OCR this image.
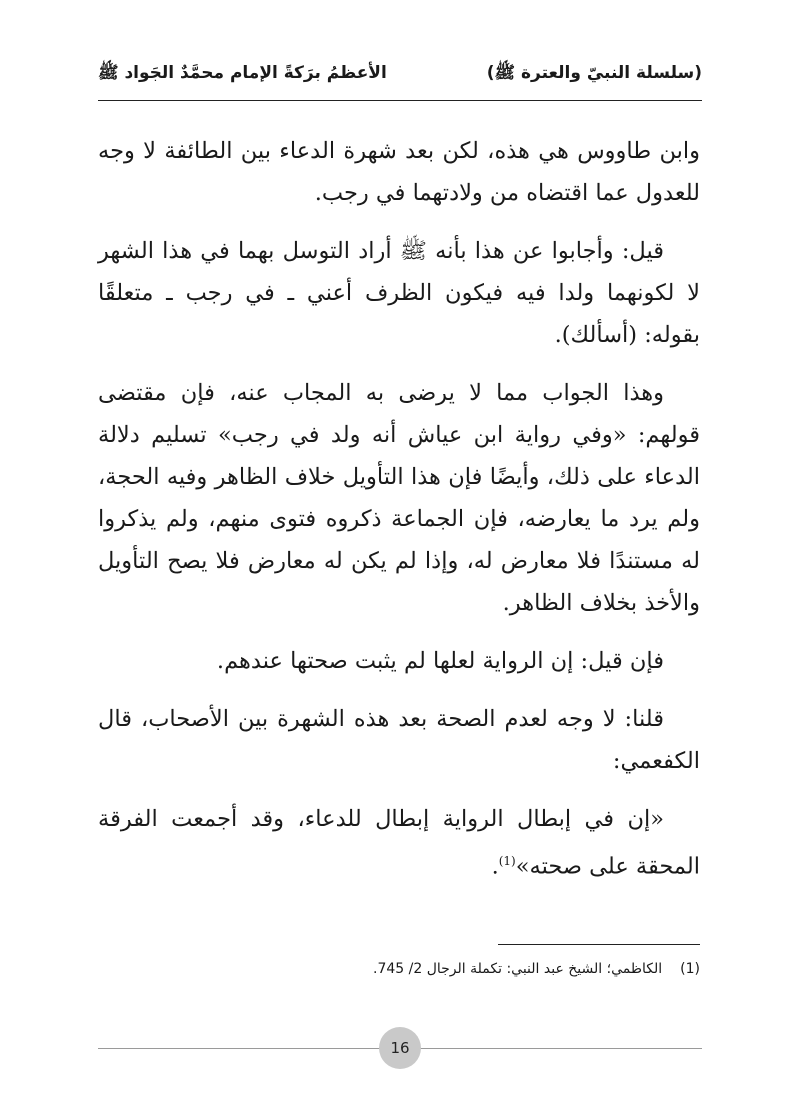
(سلسلة النبيّ والعترة ﷺ)
الأعظمُ برَكةً الإمام محمَّدٌ الجَواد ﷺ

وابن طاووس هي هذه، لكن بعد شهرة الدعاء بين الطائفة لا وجه للعدول عما اقتضاه من ولادتهما في رجب.

قيل: وأجابوا عن هذا بأنه ﷺ أراد التوسل بهما في هذا الشهر لا لكونهما ولدا فيه فيكون الظرف أعني ـ في رجب ـ متعلقًا بقوله: (أسألك).

وهذا الجواب مما لا يرضى به المجاب عنه، فإن مقتضى قولهم: «وفي رواية ابن عياش أنه ولد في رجب» تسليم دلالة الدعاء على ذلك، وأيضًا فإن هذا التأويل خلاف الظاهر وفيه الحجة، ولم يرد ما يعارضه، فإن الجماعة ذكروه فتوى منهم، ولم يذكروا له مستندًا فلا معارض له، وإذا لم يكن له معارض فلا يصح التأويل والأخذ بخلاف الظاهر.

فإن قيل: إن الرواية لعلها لم يثبت صحتها عندهم.

قلنا: لا وجه لعدم الصحة بعد هذه الشهرة بين الأصحاب، قال الكفعمي:

«إن في إبطال الرواية إبطال للدعاء، وقد أجمعت الفرقة المحقة على صحته»$^{(1)}$.

(1)الكاظمي؛ الشيخ عبد النبي: تكملة الرجال 2/ 745.
16
